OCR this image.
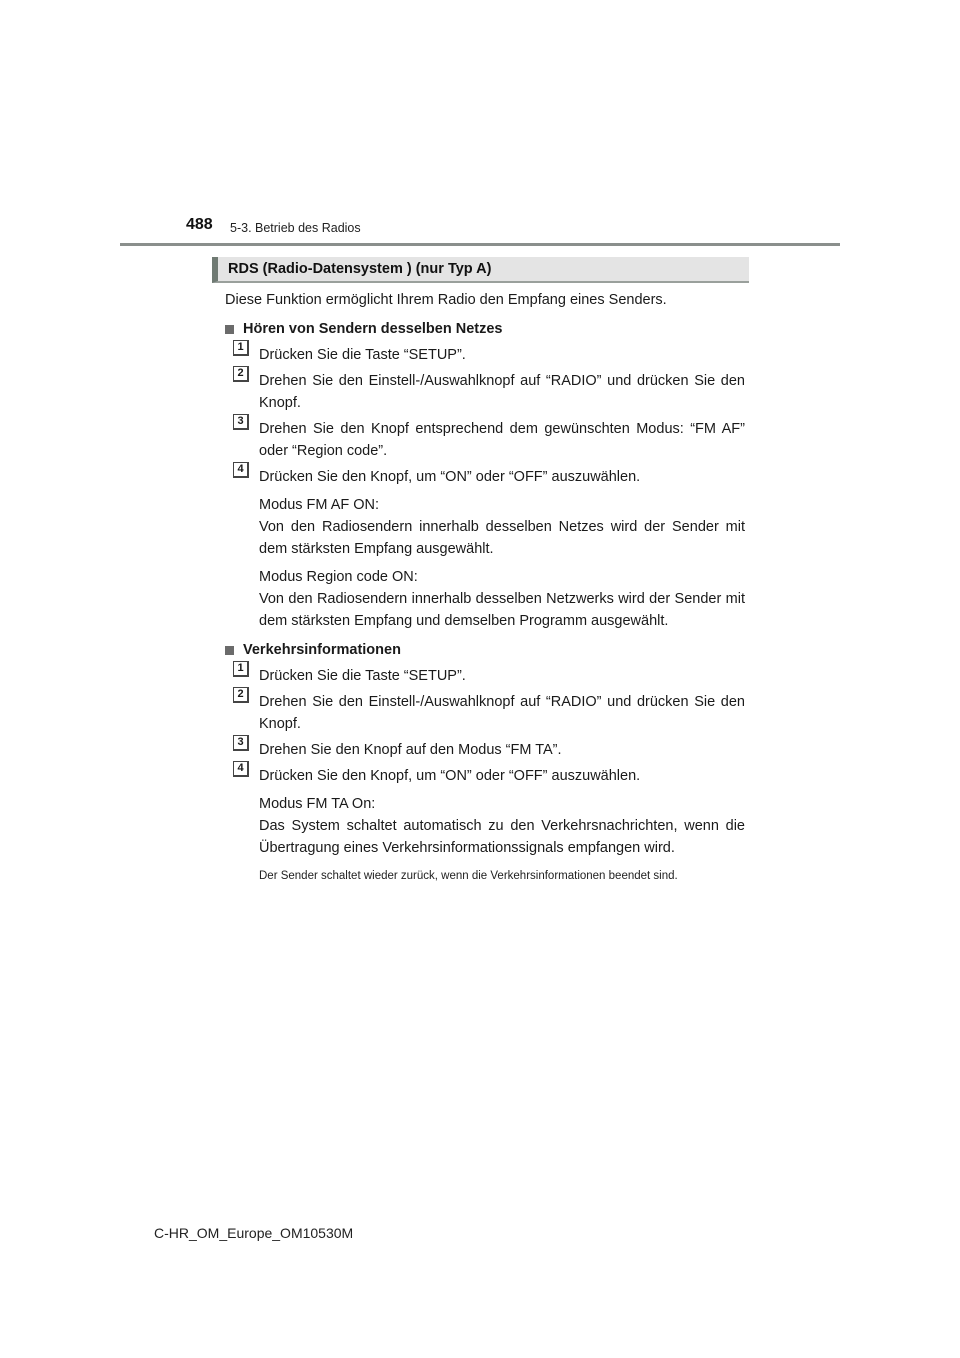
488 5-3. Betrieb des Radios
RDS (Radio-Datensystem ) (nur Typ A)
Diese Funktion ermöglicht Ihrem Radio den Empfang eines Senders.
Hören von Sendern desselben Netzes
1	Drücken Sie die Taste “SETUP”.
2	Drehen Sie den Einstell-/Auswahlknopf auf “RADIO” und drücken Sie den Knopf.
3	Drehen Sie den Knopf entsprechend dem gewünschten Modus: “FM AF” oder “Region code”.
4	Drücken Sie den Knopf, um “ON” oder “OFF” auszuwählen.
Modus FM AF ON:
Von den Radiosendern innerhalb desselben Netzes wird der Sender mit dem stärksten Empfang ausgewählt.
Modus Region code ON:
Von den Radiosendern innerhalb desselben Netzwerks wird der Sender mit dem stärksten Empfang und demselben Programm ausgewählt.
Verkehrsinformationen
1	Drücken Sie die Taste “SETUP”.
2	Drehen Sie den Einstell-/Auswahlknopf auf “RADIO” und drücken Sie den Knopf.
3	Drehen Sie den Knopf auf den Modus “FM TA”.
4	Drücken Sie den Knopf, um “ON” oder “OFF” auszuwählen.
Modus FM TA On:
Das System schaltet automatisch zu den Verkehrsnachrichten, wenn die Übertragung eines Verkehrsinformationssignals empfangen wird.
Der Sender schaltet wieder zurück, wenn die Verkehrsinformationen beendet sind.
C-HR_OM_Europe_OM10530M
